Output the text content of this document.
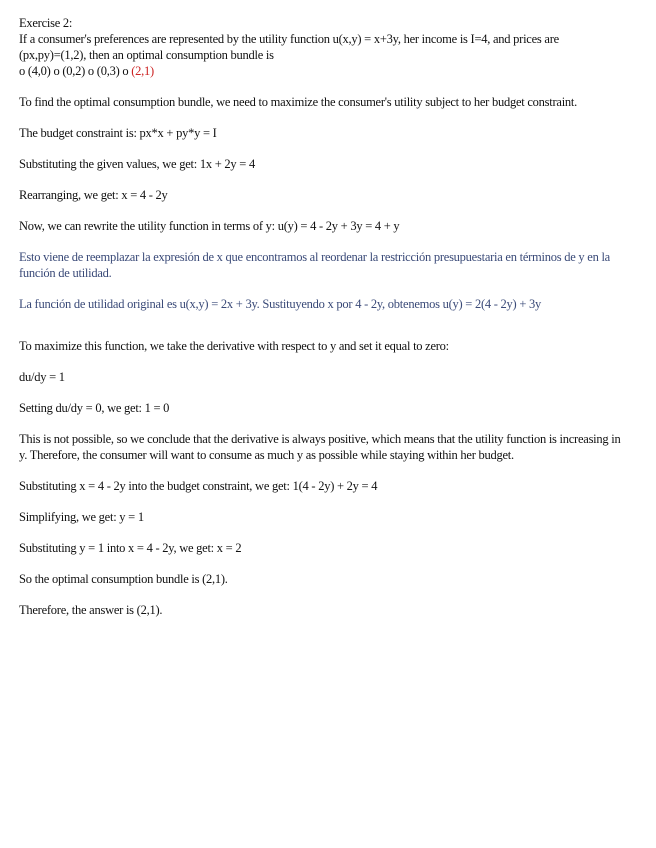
Exercise 2:

If a consumer's preferences are represented by the utility function u(x,y) = x+3y, her income is I=4, and prices are

(px,py)=(1,2), then an optimal consumption bundle is

o (4,0) o (0,2) o (0,3) o (2,1)

To find the optimal consumption bundle, we need to maximize the consumer's utility subject to her budget constraint.

The budget constraint is: px*x + py*y = I

Substituting the given values, we get: 1x + 2y = 4

Rearranging, we get: x = 4 - 2y

Now, we can rewrite the utility function in terms of y: u(y) = 4 - 2y + 3y = 4 + y

Esto viene de reemplazar la expresión de x que encontramos al reordenar la restricción presupuestaria en términos de y en la función de utilidad.

La función de utilidad original es u(x,y) = 2x + 3y. Sustituyendo x por 4 - 2y, obtenemos u(y) = 2(4 - 2y) + 3y

To maximize this function, we take the derivative with respect to y and set it equal to zero:

du/dy = 1

Setting du/dy = 0, we get: 1 = 0

This is not possible, so we conclude that the derivative is always positive, which means that the utility function is increasing in y. Therefore, the consumer will want to consume as much y as possible while staying within her budget.

Substituting x = 4 - 2y into the budget constraint, we get: 1(4 - 2y) + 2y = 4

Simplifying, we get: y = 1

Substituting y = 1 into x = 4 - 2y, we get: x = 2

So the optimal consumption bundle is (2,1).

Therefore, the answer is (2,1).
